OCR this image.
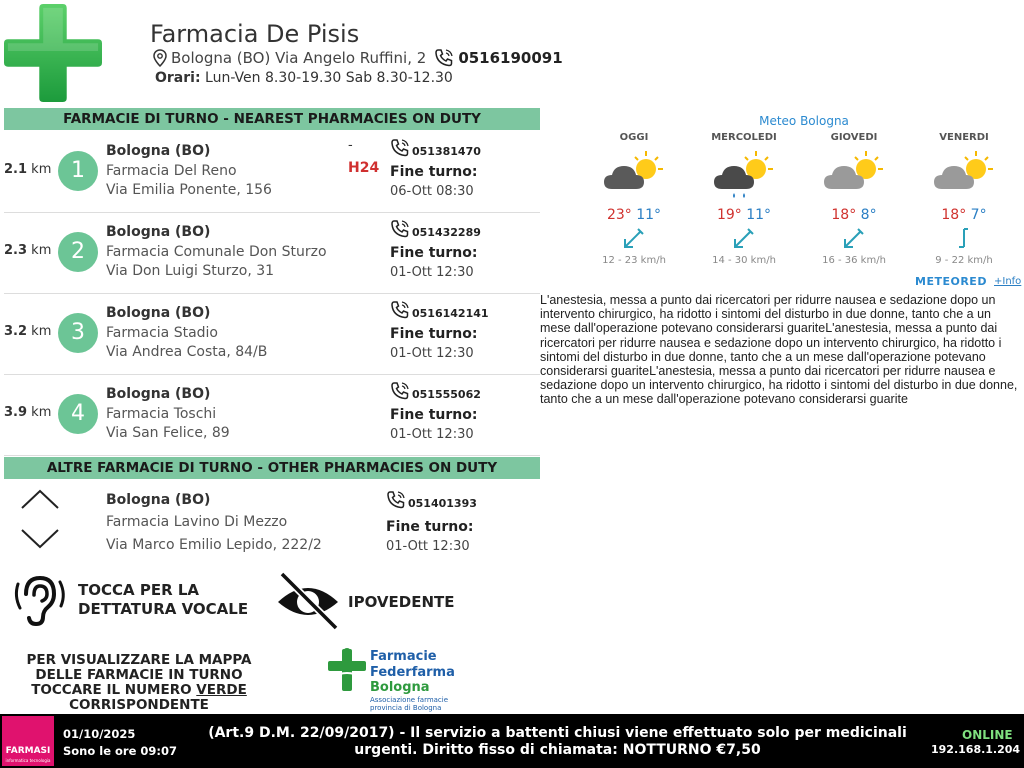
Farmacia De Pisis
Bologna (BO) Via Angelo Ruffini, 2 0516190091
Orari: Lun-Ven 8.30-19.30 Sab 8.30-12.30
FARMACIE DI TURNO - NEAREST PHARMACIES ON DUTY
2.1 km 1
Bologna (BO)
Farmacia Del Reno
Via Emilia Ponente, 156
-
H24
051381470
Fine turno:
06-Ott 08:30
2.3 km 2
Bologna (BO)
Farmacia Comunale Don Sturzo
Via Don Luigi Sturzo, 31
051432289
Fine turno:
01-Ott 12:30
3.2 km 3
Bologna (BO)
Farmacia Stadio
Via Andrea Costa, 84/B
0516142141
Fine turno:
01-Ott 12:30
3.9 km 4
Bologna (BO)
Farmacia Toschi
Via San Felice, 89
051555062
Fine turno:
01-Ott 12:30
ALTRE FARMACIE DI TURNO - OTHER PHARMACIES ON DUTY
Bologna (BO)
Farmacia Lavino Di Mezzo
Via Marco Emilio Lepido, 222/2
051401393
Fine turno:
01-Ott 12:30
TOCCA PER LA
DETTATURA VOCALE	IPOVEDENTE
PER VISUALIZZARE LA MAPPA DELLE FARMACIE IN TURNO TOCCARE IL NUMERO VERDE CORRISPONDENTE
Farmacie
Federfarma
Bologna
Associazione farmacie provincia di Bologna
Meteo Bologna
OGGI
23° 11°
12 - 23 km/h
MERCOLEDI
19° 11°
14 - 30 km/h
GIOVEDI
18° 8°
16 - 36 km/h
VENERDI
18° 7°
9 - 22 km/h
METEORED +Info
L'anestesia, messa a punto dai ricercatori per ridurre nausea e sedazione dopo un intervento chirurgico, ha ridotto i sintomi del disturbo in due donne, tanto che a un mese dall'operazione potevano considerarsi guariteL'anestesia, messa a punto dai ricercatori per ridurre nausea e sedazione dopo un intervento chirurgico, ha ridotto i sintomi del disturbo in due donne, tanto che a un mese dall'operazione potevano considerarsi guariteL'anestesia, messa a punto dai ricercatori per ridurre nausea e sedazione dopo un intervento chirurgico, ha ridotto i sintomi del disturbo in due donne, tanto che a un mese dall'operazione potevano considerarsi guarite
FARMASI
informatica tecnologia
01/10/2025
Sono le ore 09:07
(Art.9 D.M. 22/09/2017) - Il servizio a battenti chiusi viene effettuato solo per medicinali urgenti. Diritto fisso di chiamata: NOTTURNO €7,50
ONLINE
192.168.1.204
